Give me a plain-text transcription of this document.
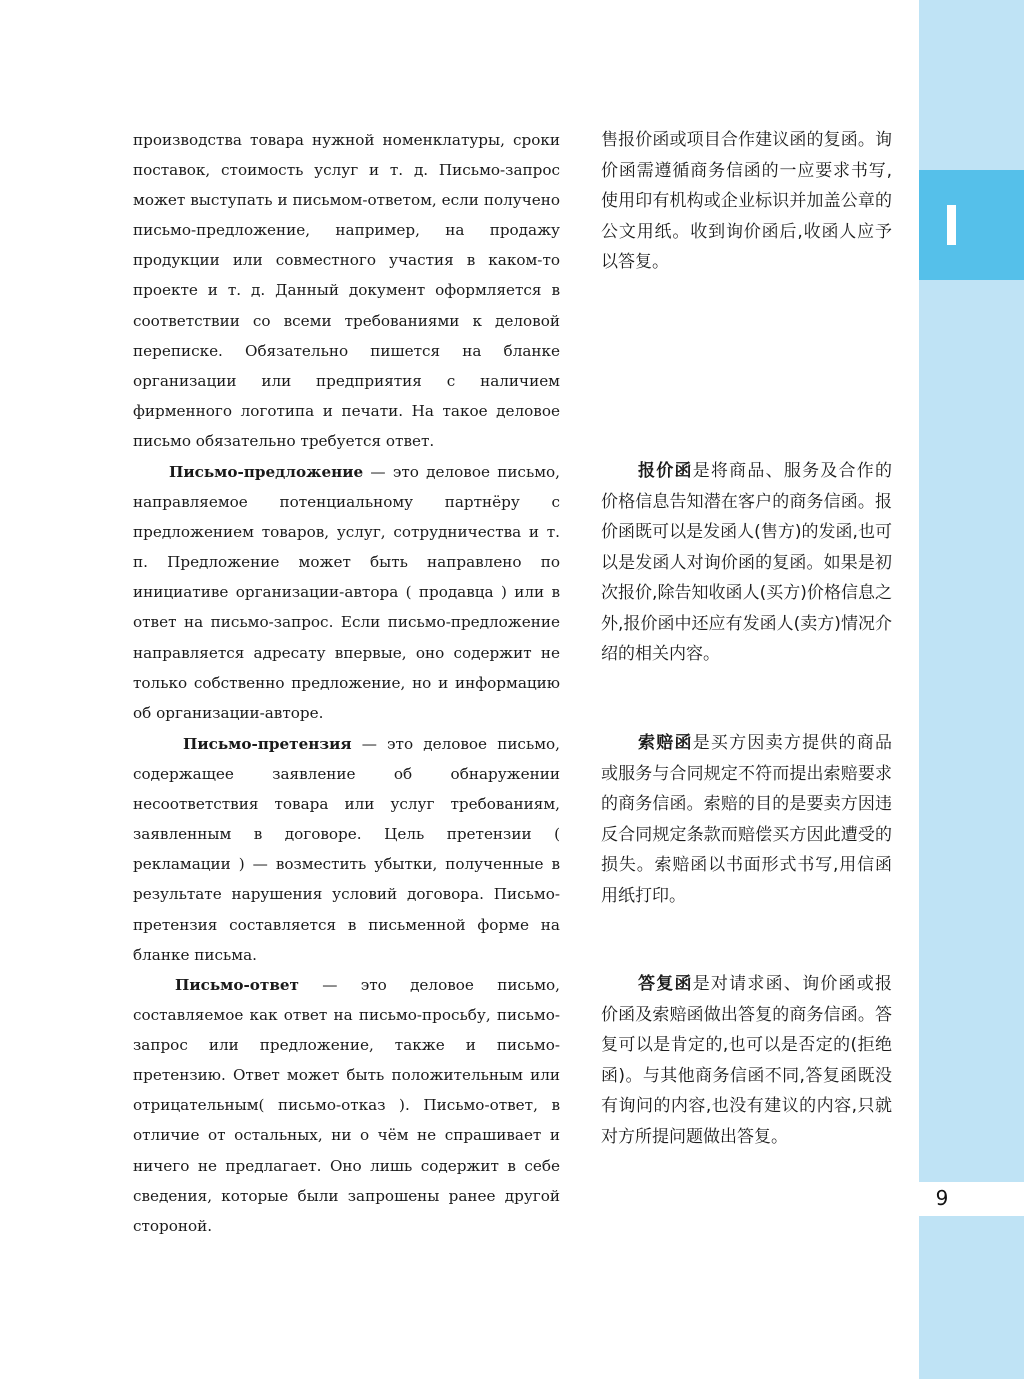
9

производства товара нужной номенклатуры, сроки поставок, стоимость услуг и т. д. Письмо-запрос может выступать и письмом-ответом, если получено письмо-предложение, например, на продажу продукции или совместного участия в каком-то проекте и т. д. Данный документ оформляется в соответствии со всеми требованиями к деловой переписке. Обязательно пишется на бланке организации или предприятия с наличием фирменного логотипа и печати. На такое деловое письмо обязательно требуется ответ.

Письмо-предложение — это деловое письмо, направляемое потенциальному партнёру с предложением товаров, услуг, сотрудничества и т. п. Предложение может быть направлено по инициативе организации-автора ( продавца ) или в ответ на письмо-запрос. Если письмо-предложение направляется адресату впервые, оно содержит не только собственно предложение, но и информацию об организации-авторе.

Письмо-претензия — это деловое письмо, содержащее заявление об обнаружении несоответствия товара или услуг требованиям, заявленным в договоре. Цель претензии ( рекламации ) — возместить убытки, полученные в результате нарушения условий договора. Письмо-претензия составляется в письменной форме на бланке письма.

Письмо-ответ — это деловое письмо, составляемое как ответ на письмо-просьбу, письмо-запрос или предложение, также и письмо-претензию. Ответ может быть положительным или отрицательным( письмо-отказ ). Письмо-ответ, в отличие от остальных, ни о чём не спрашивает и ничего не предлагает. Оно лишь содержит в себе сведения, которые были запрошены ранее другой стороной.

售报价函或项目合作建议函的复函。询价函需遵循商务信函的一应要求书写,使用印有机构或企业标识并加盖公章的公文用纸。收到询价函后,收函人应予以答复。

报价函是将商品、服务及合作的价格信息告知潜在客户的商务信函。报价函既可以是发函人(售方)的发函,也可以是发函人对询价函的复函。如果是初次报价,除告知收函人(买方)价格信息之外,报价函中还应有发函人(卖方)情况介绍的相关内容。

索赔函是买方因卖方提供的商品或服务与合同规定不符而提出索赔要求的商务信函。索赔的目的是要卖方因违反合同规定条款而赔偿买方因此遭受的损失。索赔函以书面形式书写,用信函用纸打印。

答复函是对请求函、询价函或报价函及索赔函做出答复的商务信函。答复可以是肯定的,也可以是否定的(拒绝函)。与其他商务信函不同,答复函既没有询问的内容,也没有建议的内容,只就对方所提问题做出答复。
